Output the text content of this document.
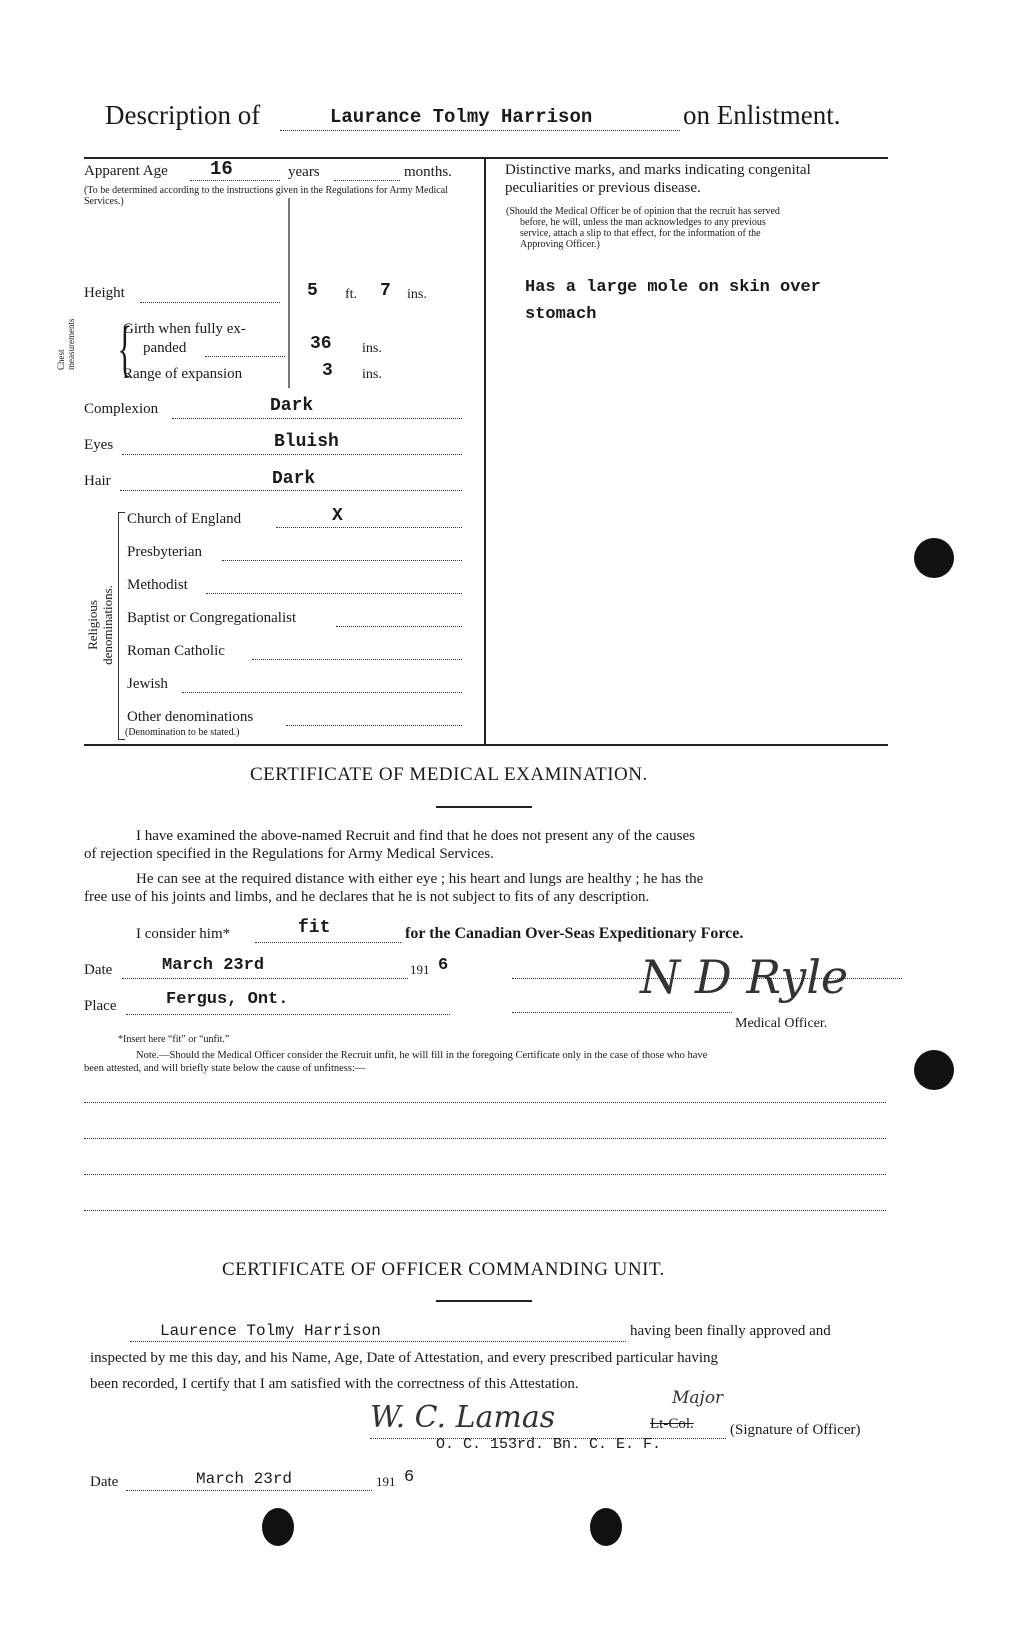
Description of	Laurance Tolmy Harrison	on Enlistment.
Apparent Age 16	years	months.
(To be determined according to the instructions given in the Regulations for Army Medical Services.)
Height	5 ft. 7 ins.
Chest measurements {
Girth when fully ex-
panded	36 ins.
Range of expansion	3 ins.
Complexion	Dark
Eyes	Bluish
Hair	Dark
Religious denominations.
Church of England	X
Presbyterian
Methodist
Baptist or Congregationalist
Roman Catholic
Jewish
Other denominations
(Denomination to be stated.)
Distinctive marks, and marks indicating congenital
peculiarities or previous disease.
(Should the Medical Officer be of opinion that the recruit has served
before, he will, unless the man acknowledges to any previous
service, attach a slip to that effect, for the information of the
Approving Officer.)
Has a large mole on skin over
stomach
CERTIFICATE OF MEDICAL EXAMINATION.
I have examined the above-named Recruit and find that he does not present any of the causes
of rejection specified in the Regulations for Army Medical Services.
He can see at the required distance with either eye ; his heart and lungs are healthy ; he has the
free use of his joints and limbs, and he declares that he is not subject to fits of any description.
I consider him*	fit	for the Canadian Over-Seas Expeditionary Force.
Date	March 23rd	191 6
Place	Fergus, Ont.	N D Ryle
Medical Officer.
*Insert here “fit” or “unfit.”
Note.—Should the Medical Officer consider the Recruit unfit, he will fill in the foregoing Certificate only in the case of those who have
been attested, and will briefly state below the cause of unfitness:—
CERTIFICATE OF OFFICER COMMANDING UNIT.
Laurence Tolmy Harrison	having been finally approved and
inspected by me this day, and his Name, Age, Date of Attestation, and every prescribed particular having
been recorded, I certify that I am satisfied with the correctness of this Attestation.
W. C. Lamas
Major
Lt-Col. (Signature of Officer)
O. C. 153rd. Bn. C. E. F.
Date	March 23rd	191 6
